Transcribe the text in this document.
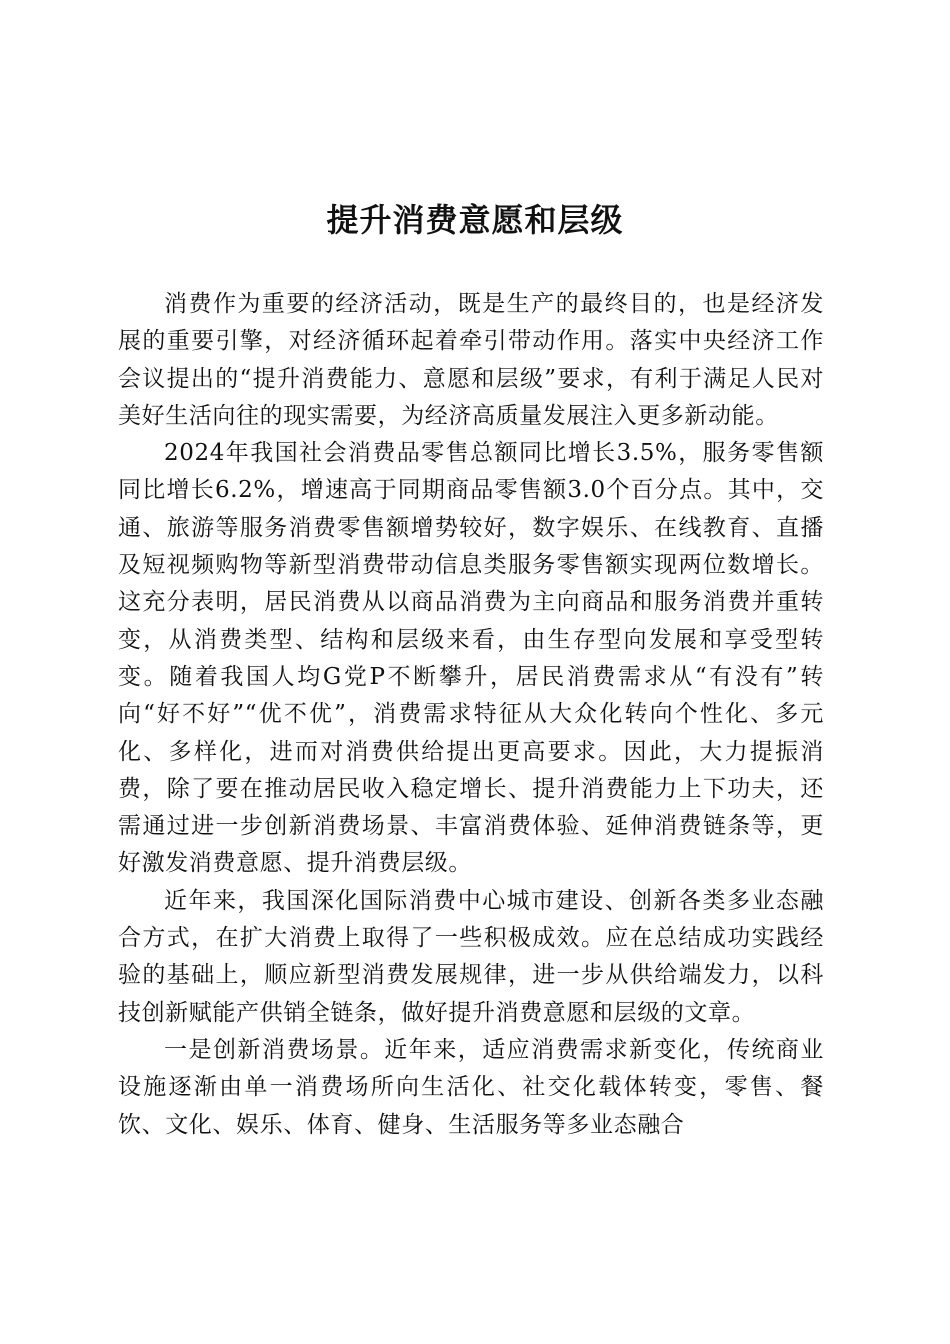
提升消费意愿和层级

消费作为重要的经济活动，既是生产的最终目的，也是经济发展的重要引擎，对经济循环起着牵引带动作用。落实中央经济工作会议提出的“提升消费能力、意愿和层级”要求，有利于满足人民对美好生活向往的现实需要，为经济高质量发展注入更多新动能。

2024年我国社会消费品零售总额同比增长3.5%，服务零售额同比增长6.2%，增速高于同期商品零售额3.0个百分点。其中，交通、旅游等服务消费零售额增势较好，数字娱乐、在线教育、直播及短视频购物等新型消费带动信息类服务零售额实现两位数增长。这充分表明，居民消费从以商品消费为主向商品和服务消费并重转变，从消费类型、结构和层级来看，由生存型向发展和享受型转变。随着我国人均G党P不断攀升，居民消费需求从“有没有”转向“好不好”“优不优”，消费需求特征从大众化转向个性化、多元化、多样化，进而对消费供给提出更高要求。因此，大力提振消费，除了要在推动居民收入稳定增长、提升消费能力上下功夫，还需通过进一步创新消费场景、丰富消费体验、延伸消费链条等，更好激发消费意愿、提升消费层级。

近年来，我国深化国际消费中心城市建设、创新各类多业态融合方式，在扩大消费上取得了一些积极成效。应在总结成功实践经验的基础上，顺应新型消费发展规律，进一步从供给端发力，以科技创新赋能产供销全链条，做好提升消费意愿和层级的文章。

一是创新消费场景。近年来，适应消费需求新变化，传统商业设施逐渐由单一消费场所向生活化、社交化载体转变，零售、餐饮、文化、娱乐、体育、健身、生活服务等多业态融合
